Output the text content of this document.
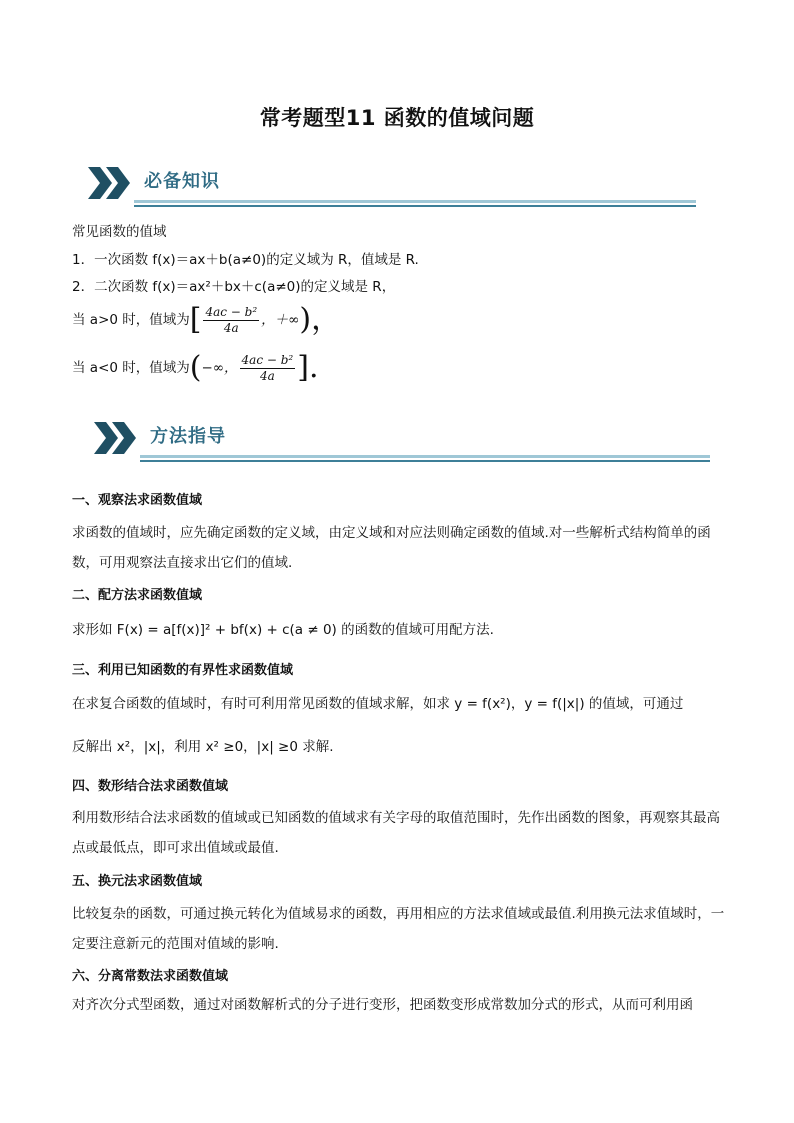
常考题型11 函数的值域问题
必备知识
常见函数的值域
1．一次函数 f(x)＝ax＋b(a≠0)的定义域为 R，值域是 R.
2．二次函数 f(x)＝ax²＋bx＋c(a≠0)的定义域是 R，
当 a>0 时，值域为[ $\frac{\text{4ac − b²}}{4a}$ ，＋∞)，
当 a<0 时，值域为(−∞， $\frac{\text{4ac − b²}}{4a}$ ].
方法指导
一、观察法求函数值域
求函数的值域时，应先确定函数的定义域，由定义域和对应法则确定函数的值域.对一些解析式结构简单的函数，可用观察法直接求出它们的值域.
二、配方法求函数值域
求形如 F(x) = a[f(x)]² + bf(x) + c(a ≠ 0) 的函数的值域可用配方法.
三、利用已知函数的有界性求函数值域
在求复合函数的值域时，有时可利用常见函数的值域求解，如求 y = f(x²)，y = f(|x|) 的值域，可通过
反解出 x²，|x|，利用 x² ≥0，|x| ≥0 求解.
四、数形结合法求函数值域
利用数形结合法求函数的值域或已知函数的值域求有关字母的取值范围时，先作出函数的图象，再观察其最高点或最低点，即可求出值域或最值.
五、换元法求函数值域
比较复杂的函数，可通过换元转化为值域易求的函数，再用相应的方法求值域或最值.利用换元法求值域时，一定要注意新元的范围对值域的影响.
六、分离常数法求函数值域
对齐次分式型函数，通过对函数解析式的分子进行变形，把函数变形成常数加分式的形式，从而可利用函
